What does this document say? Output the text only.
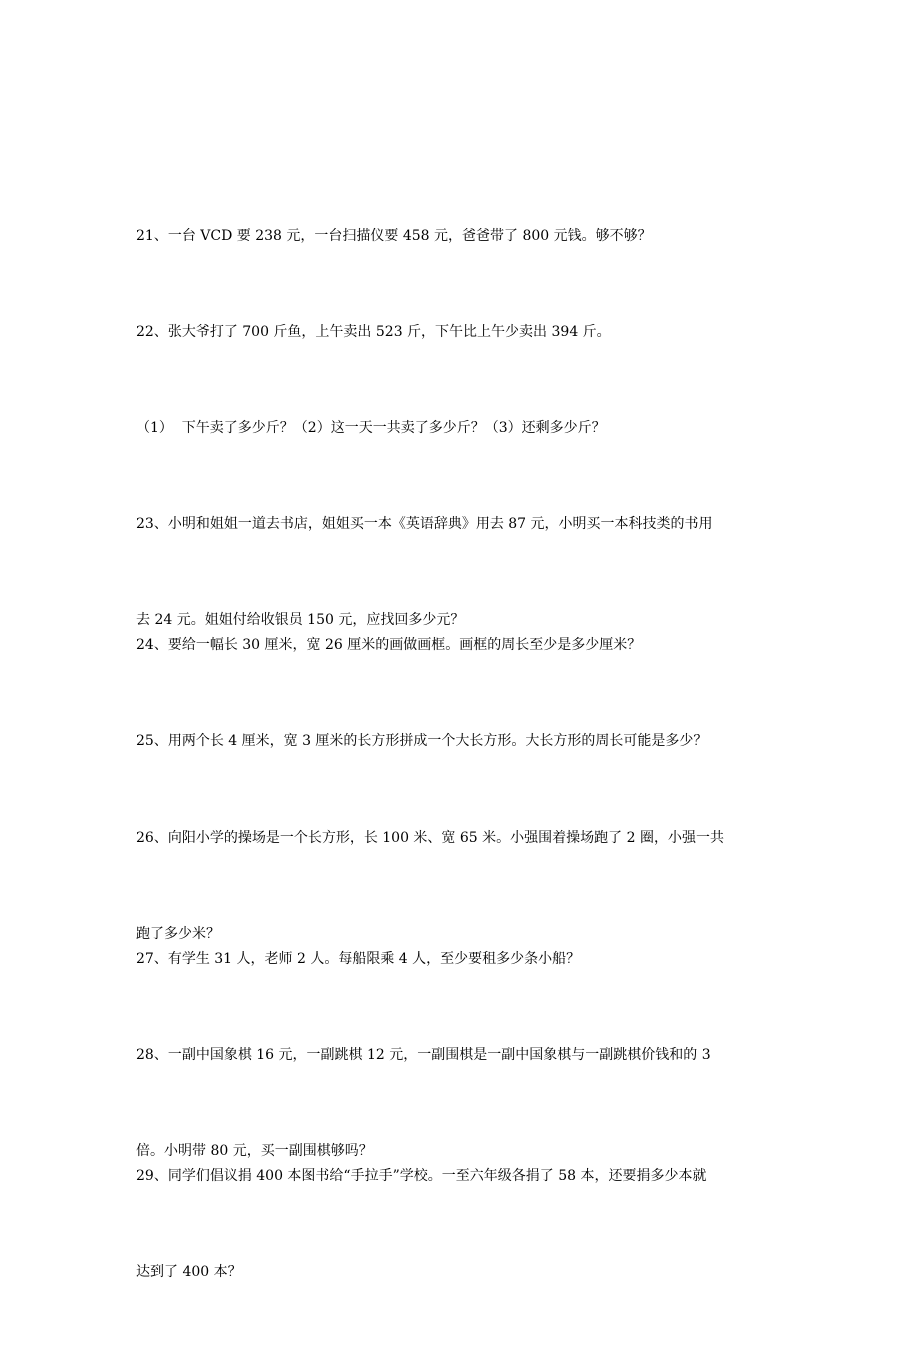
21、一台 VCD 要 238 元，一台扫描仪要 458 元，爸爸带了 800 元钱。够不够？

22、张大爷打了 700 斤鱼，上午卖出 523 斤，下午比上午少卖出 394 斤。

（1）  下午卖了多少斤？（2）这一天一共卖了多少斤？（3）还剩多少斤？

23、小明和姐姐一道去书店，姐姐买一本《英语辞典》用去 87 元，小明买一本科技类的书用

去 24 元。姐姐付给收银员 150 元，应找回多少元？

24、要给一幅长 30 厘米，宽 26 厘米的画做画框。画框的周长至少是多少厘米？

25、用两个长 4 厘米，宽 3 厘米的长方形拼成一个大长方形。大长方形的周长可能是多少？

26、向阳小学的操场是一个长方形，长 100 米、宽 65 米。小强围着操场跑了 2 圈，小强一共

跑了多少米？

27、有学生 31 人，老师 2 人。每船限乘 4 人，至少要租多少条小船？

28、一副中国象棋 16 元，一副跳棋 12 元，一副围棋是一副中国象棋与一副跳棋价钱和的 3

倍。小明带 80 元，买一副围棋够吗？

29、同学们倡议捐 400 本图书给“手拉手”学校。一至六年级各捐了 58 本，还要捐多少本就

达到了 400 本？
